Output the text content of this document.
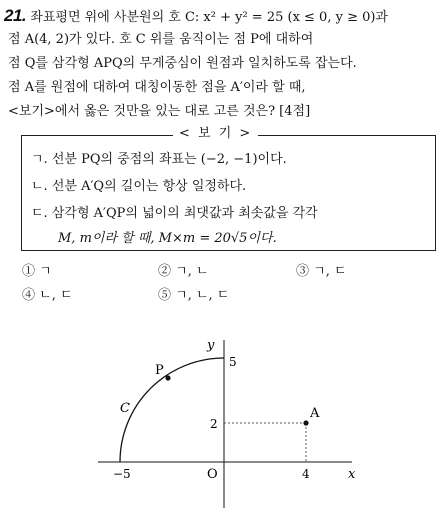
21. 좌표평면 위에 사분원의 호 C: x² + y² = 25 (x ≤ 0, y ≥ 0)과
점 A(4, 2)가 있다. 호 C 위를 움직이는 점 P에 대하여
점 Q를 삼각형 APQ의 무게중심이 원점과 일치하도록 잡는다.
점 A를 원점에 대하여 대칭이동한 점을 A′이라 할 때,
<보기>에서 옳은 것만을 있는 대로 고른 것은? [4점]
< 보 기 >
ㄱ. 선분 PQ의 중점의 좌표는 (−2, −1)이다.
ㄴ. 선분 A′Q의 길이는 항상 일정하다.
ㄷ. 삼각형 A′QP의 넓이의 최댓값과 최솟값을 각각
M, m이라 할 때, M×m = 20√5이다.
① ㄱ	② ㄱ, ㄴ	③ ㄱ, ㄷ
④ ㄴ, ㄷ	⑤ ㄱ, ㄴ, ㄷ
y
x
O
5
2
−5	4
P
A
C
